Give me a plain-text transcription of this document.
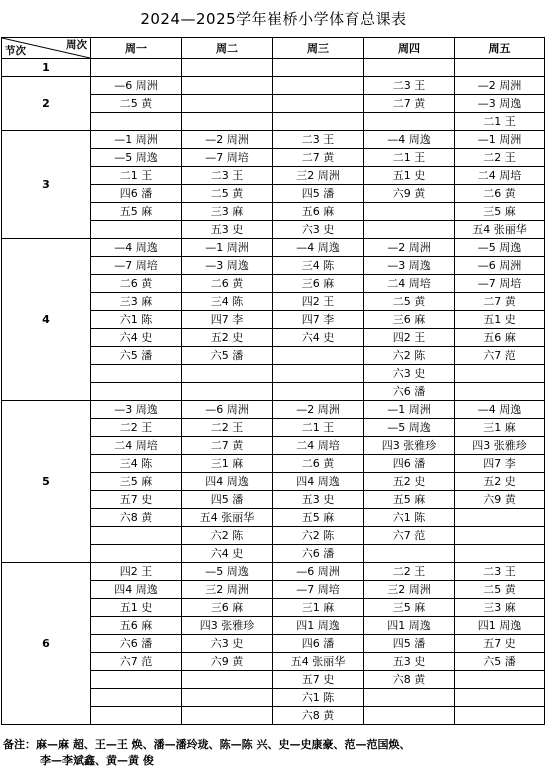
2024—2025学年崔桥小学体育总课表
节次 周次	周一	周二	周三	周四	周五
1					
2	—6 周洲			二3 王	—2 周洲
	二5 黄			二7 黄	—3 周逸
					二1 王
3	—1 周洲	—2 周洲	二3 王	—4 周逸	—1 周洲
	—5 周逸	—7 周培	二7 黄	二1 王	二2 王
	二1 王	二3 王	三2 周洲	五1 史	二4 周培
	四6 潘	二5 黄	四5 潘	六9 黄	二6 黄
	五5 麻	三3 麻	五6 麻		三5 麻
		五3 史	六3 史		五4 张丽华
4	—4 周逸	—1 周洲	—4 周逸	—2 周洲	—5 周逸
	—7 周培	—3 周逸	三4 陈	—3 周逸	—6 周洲
	二6 黄	二6 黄	三6 麻	二4 周培	—7 周培
	三3 麻	三4 陈	四2 王	二5 黄	二7 黄
	六1 陈	四7 李	四7 李	三6 麻	五1 史
	六4 史	五2 史	六4 史	四2 王	五6 麻
	六5 潘	六5 潘		六2 陈	六7 范
				六3 史	
				六6 潘	
5	—3 周逸	—6 周洲	—2 周洲	—1 周洲	—4 周逸
	二2 王	二2 王	二1 王	—5 周逸	三1 麻
	二4 周培	二7 黄	二4 周培	四3 张雅珍	四3 张雅珍
	三4 陈	三1 麻	二6 黄	四6 潘	四7 李
	三5 麻	四4 周逸	四4 周逸	五2 史	五2 史
	五7 史	四5 潘	五3 史	五5 麻	六9 黄
	六8 黄	五4 张丽华	五5 麻	六1 陈	
		六2 陈	六2 陈	六7 范	
		六4 史	六6 潘		
6	四2 王	—5 周逸	—6 周洲	二2 王	二3 王
	四4 周逸	三2 周洲	—7 周培	三2 周洲	二5 黄
	五1 史	三6 麻	三1 麻	三5 麻	三3 麻
	五6 麻	四3 张雅珍	四1 周逸	四1 周逸	四1 周逸
	六6 潘	六3 史	四6 潘	四5 潘	五7 史
	六7 范	六9 黄	五4 张丽华	五3 史	六5 潘
			五7 史	六8 黄	
			六1 陈		
			六8 黄		
备注：麻—麻 超、王—王 焕、潘—潘玲珑、陈—陈 兴、史—史康豪、范—范国焕、
李—李斌鑫、黄—黄 俊
